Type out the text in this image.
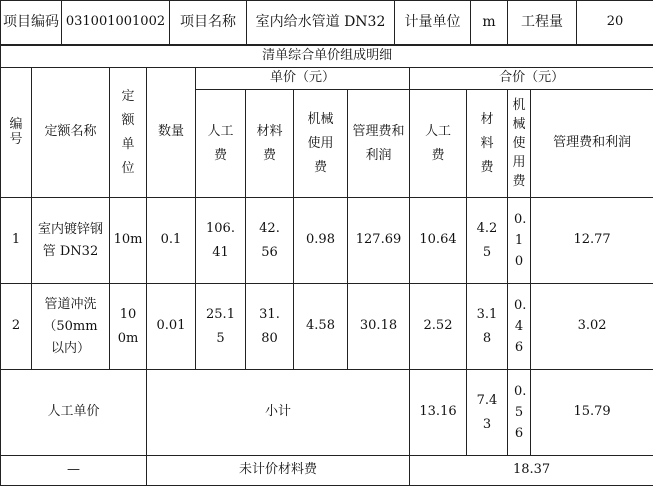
项目编码	031001001002	项目名称	室内给水管道 DN32	计量单位	m	工程量	20
清单综合单价组成明细											
编号	定额名称	定额单位	数量	单价（元）				合价（元）			
				人工费	材料费	机械使用费	管理费和利润	人工费	材料费	机械使用费	管理费和利润
1	室内镀锌钢管 DN32	10m	0.1	106.41	42.56	0.98	127.69	10.64	4.25	0.10	12.77
2	管道冲洗（50mm 以内）	100m	0.01	25.15	31.80	4.58	30.18	2.52	3.18	0.46	3.02
人工单价			小计					13.16	7.43	0.56	15.79
—			未计价材料费					18.37			
